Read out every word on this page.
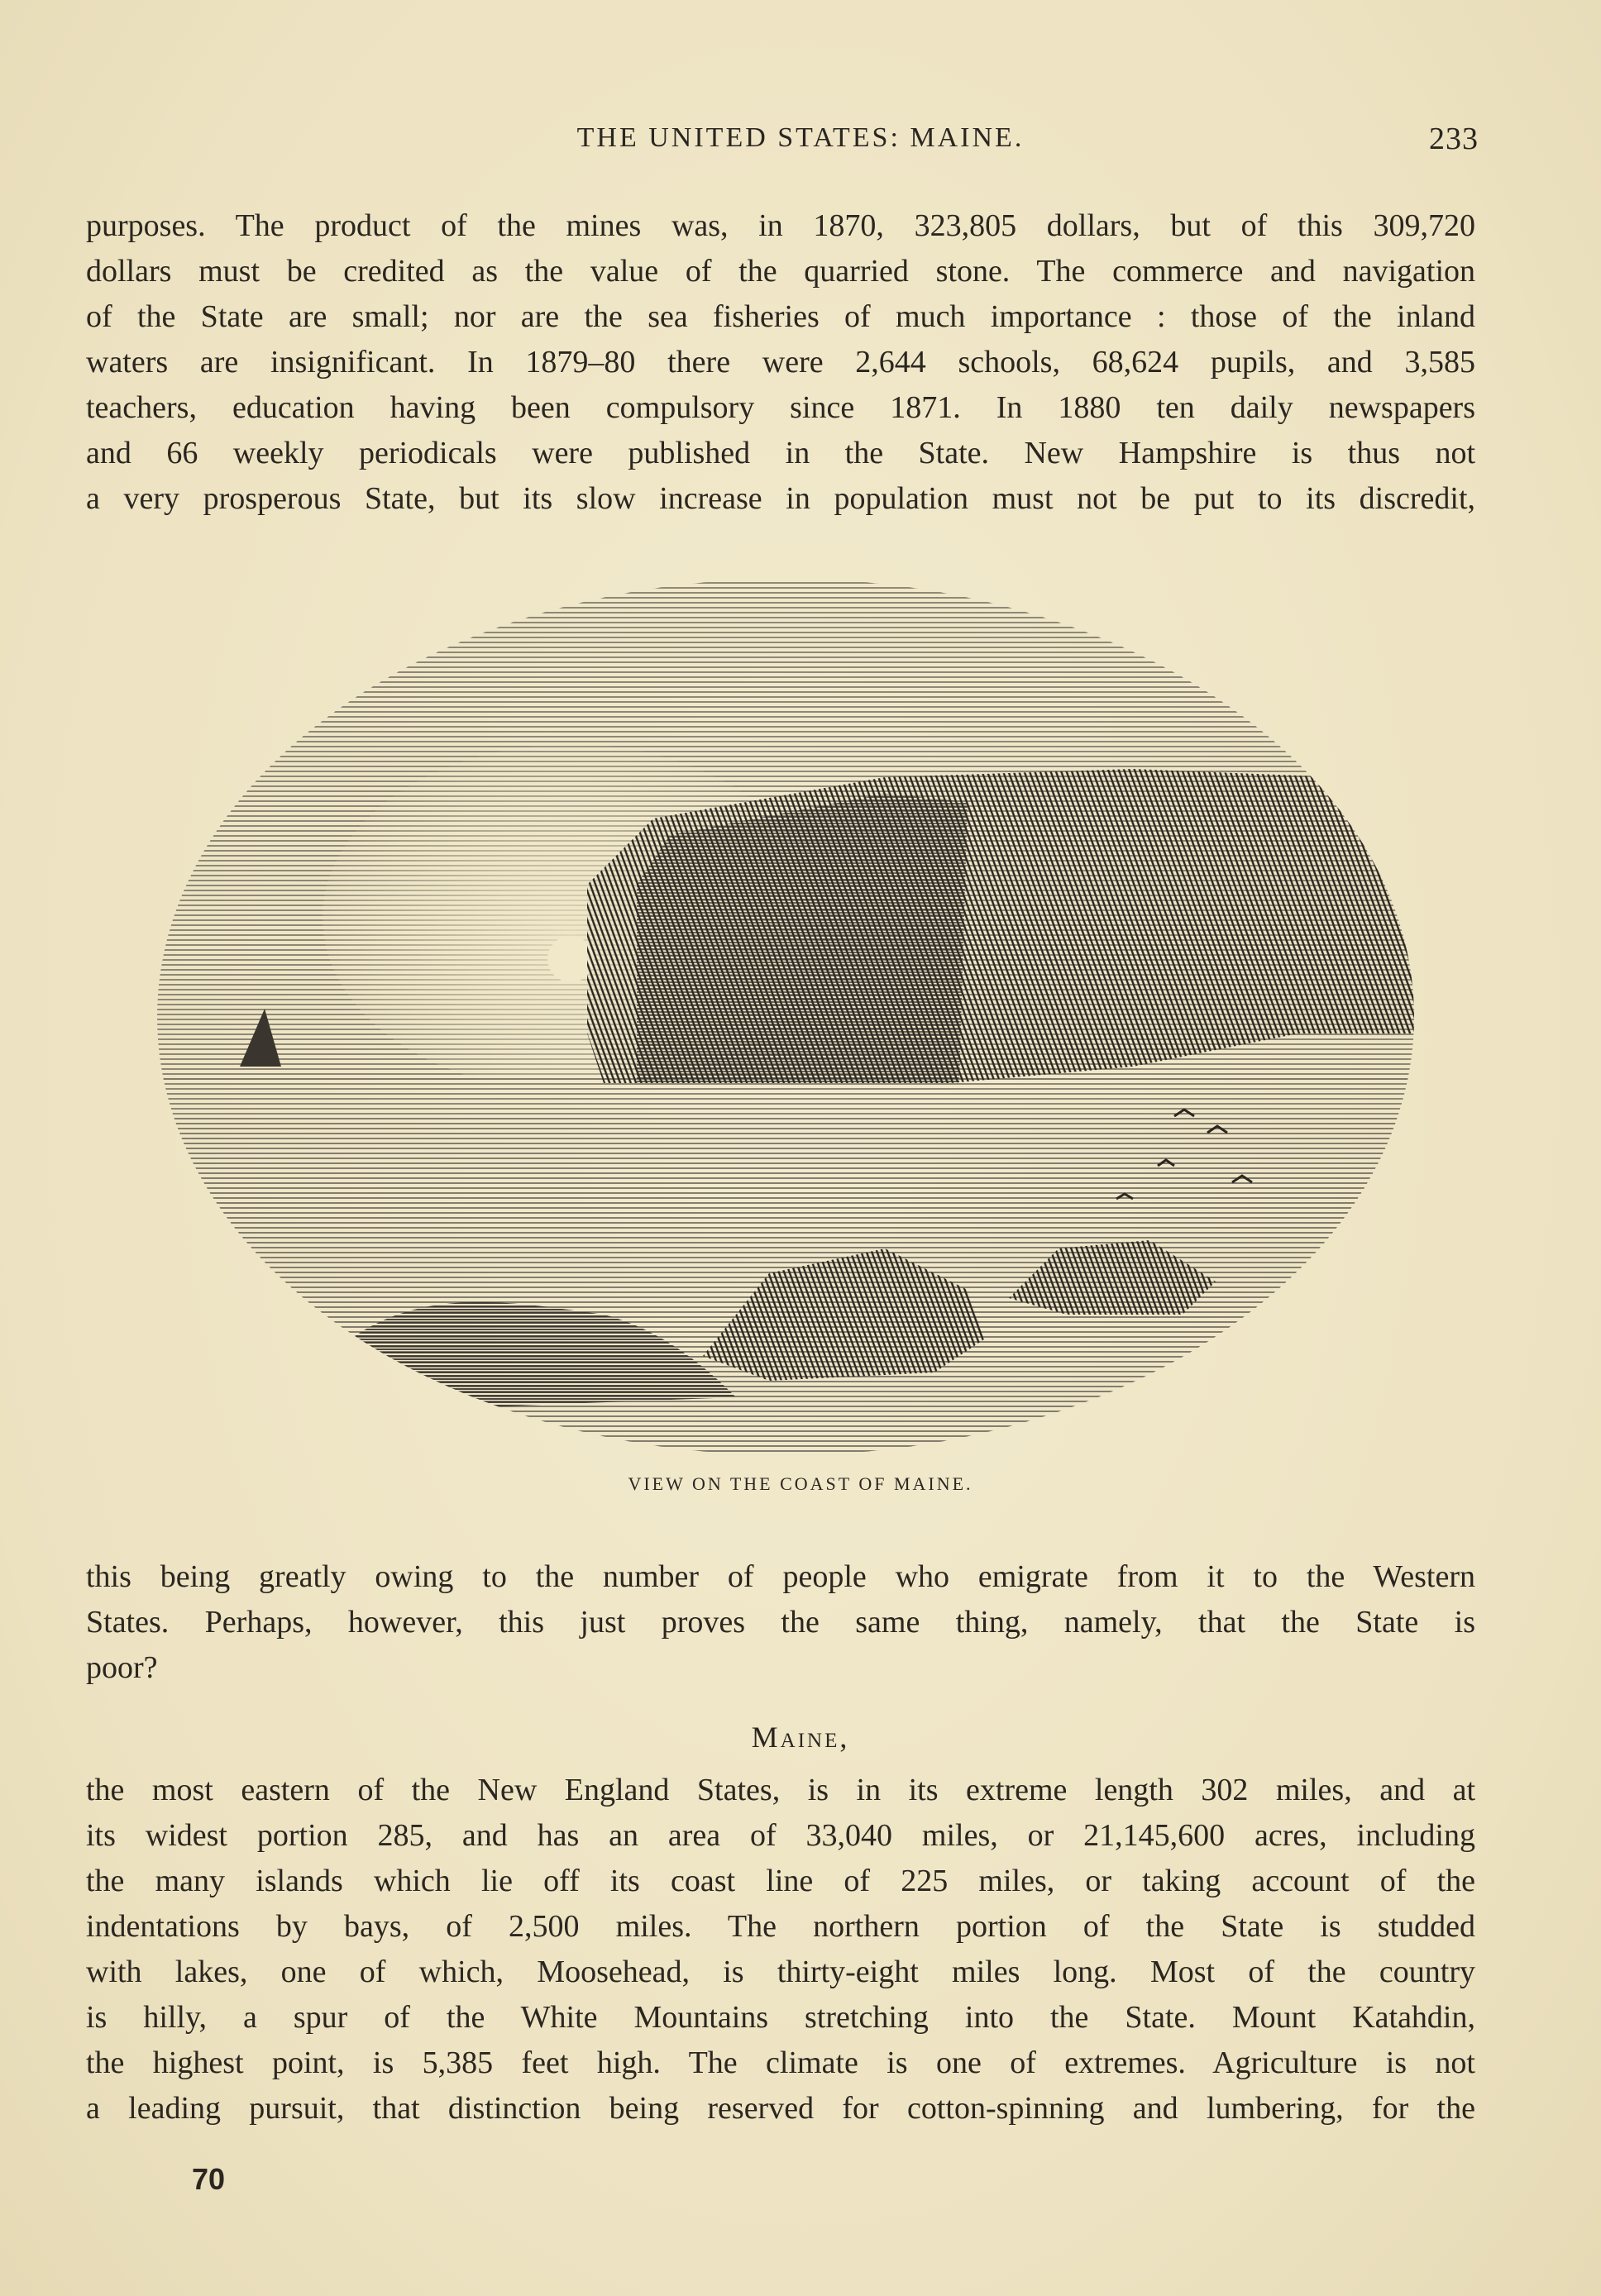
THE UNITED STATES: MAINE.	233
purposes. The product of the mines was, in 1870, 323,805 dollars, but of this 309,720
dollars must be credited as the value of the quarried stone. The commerce and navigation
of the State are small; nor are the sea fisheries of much importance : those of the inland
waters are insignificant. In 1879–80 there were 2,644 schools, 68,624 pupils, and 3,585
teachers, education having been compulsory since 1871. In 1880 ten daily newspapers
and 66 weekly periodicals were published in the State. New Hampshire is thus not
a very prosperous State, but its slow increase in population must not be put to its discredit,
VIEW ON THE COAST OF MAINE.
this being greatly owing to the number of people who emigrate from it to the Western
States. Perhaps, however, this just proves the same thing, namely, that the State is
poor?
Maine,
the most eastern of the New England States, is in its extreme length 302 miles, and at
its widest portion 285, and has an area of 33,040 miles, or 21,145,600 acres, including
the many islands which lie off its coast line of 225 miles, or taking account of the
indentations by bays, of 2,500 miles. The northern portion of the State is studded
with lakes, one of which, Moosehead, is thirty-eight miles long. Most of the country
is hilly, a spur of the White Mountains stretching into the State. Mount Katahdin,
the highest point, is 5,385 feet high. The climate is one of extremes. Agriculture is not
a leading pursuit, that distinction being reserved for cotton-spinning and lumbering, for the
70
